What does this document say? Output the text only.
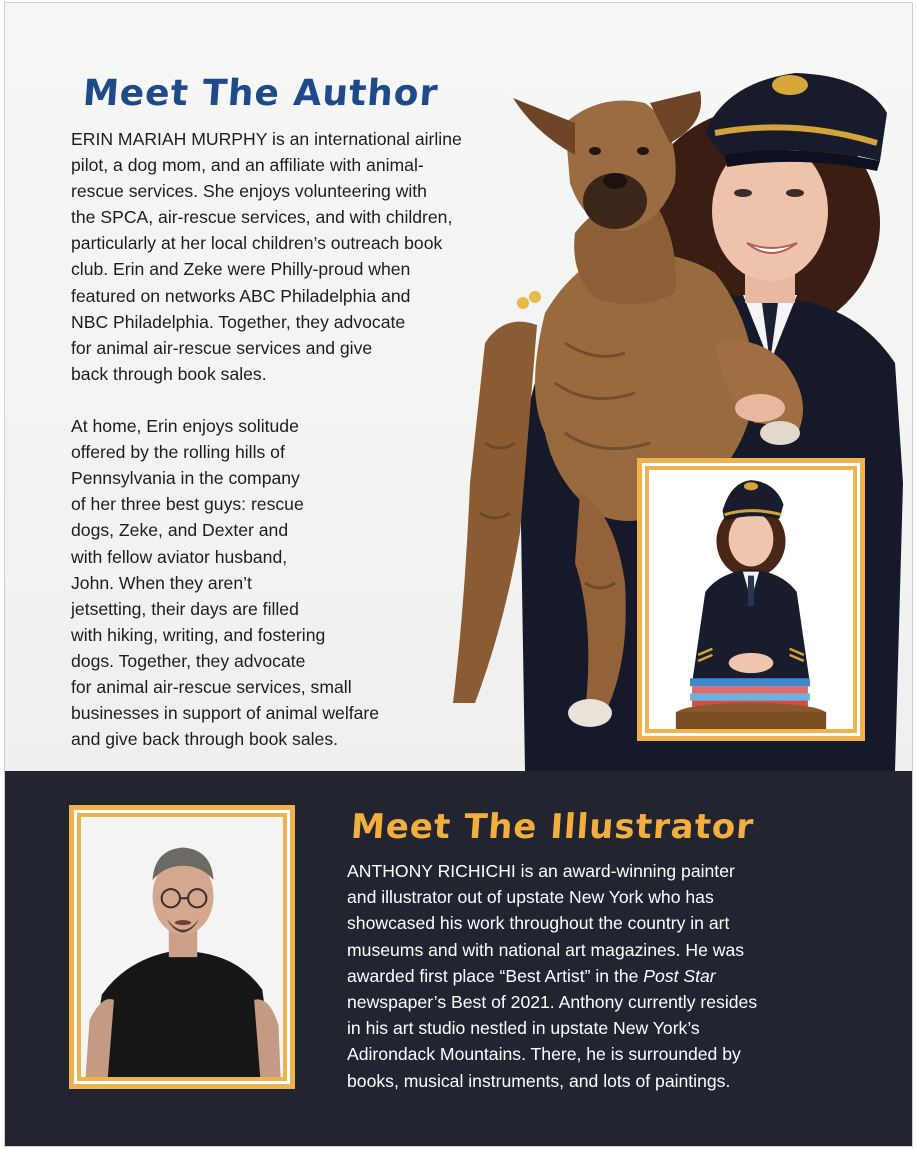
Meet The Author

ERIN MARIAH MURPHY is an international airline
pilot, a dog mom, and an affiliate with animal-
rescue services. She enjoys volunteering with
the SPCA, air-rescue services, and with children,
particularly at her local children’s outreach book
club. Erin and Zeke were Philly-proud when
featured on networks ABC Philadelphia and
NBC Philadelphia. Together, they advocate
for animal air-rescue services and give
back through book sales.
At home, Erin enjoys solitude
offered by the rolling hills of
Pennsylvania in the company
of her three best guys: rescue
dogs, Zeke, and Dexter and
with fellow aviator husband,
John. When they aren’t
jetsetting, their days are filled
with hiking, writing, and fostering
dogs. Together, they advocate
for animal air-rescue services, small
businesses in support of animal welfare
and give back through book sales.

Meet The Illustrator

ANTHONY RICHICHI is an award-winning painter
and illustrator out of upstate New York who has
showcased his work throughout the country in art
museums and with national art magazines. He was
awarded first place “Best Artist” in the Post Star
newspaper’s Best of 2021. Anthony currently resides
in his art studio nestled in upstate New York’s
Adirondack Mountains. There, he is surrounded by
books, musical instruments, and lots of paintings.
